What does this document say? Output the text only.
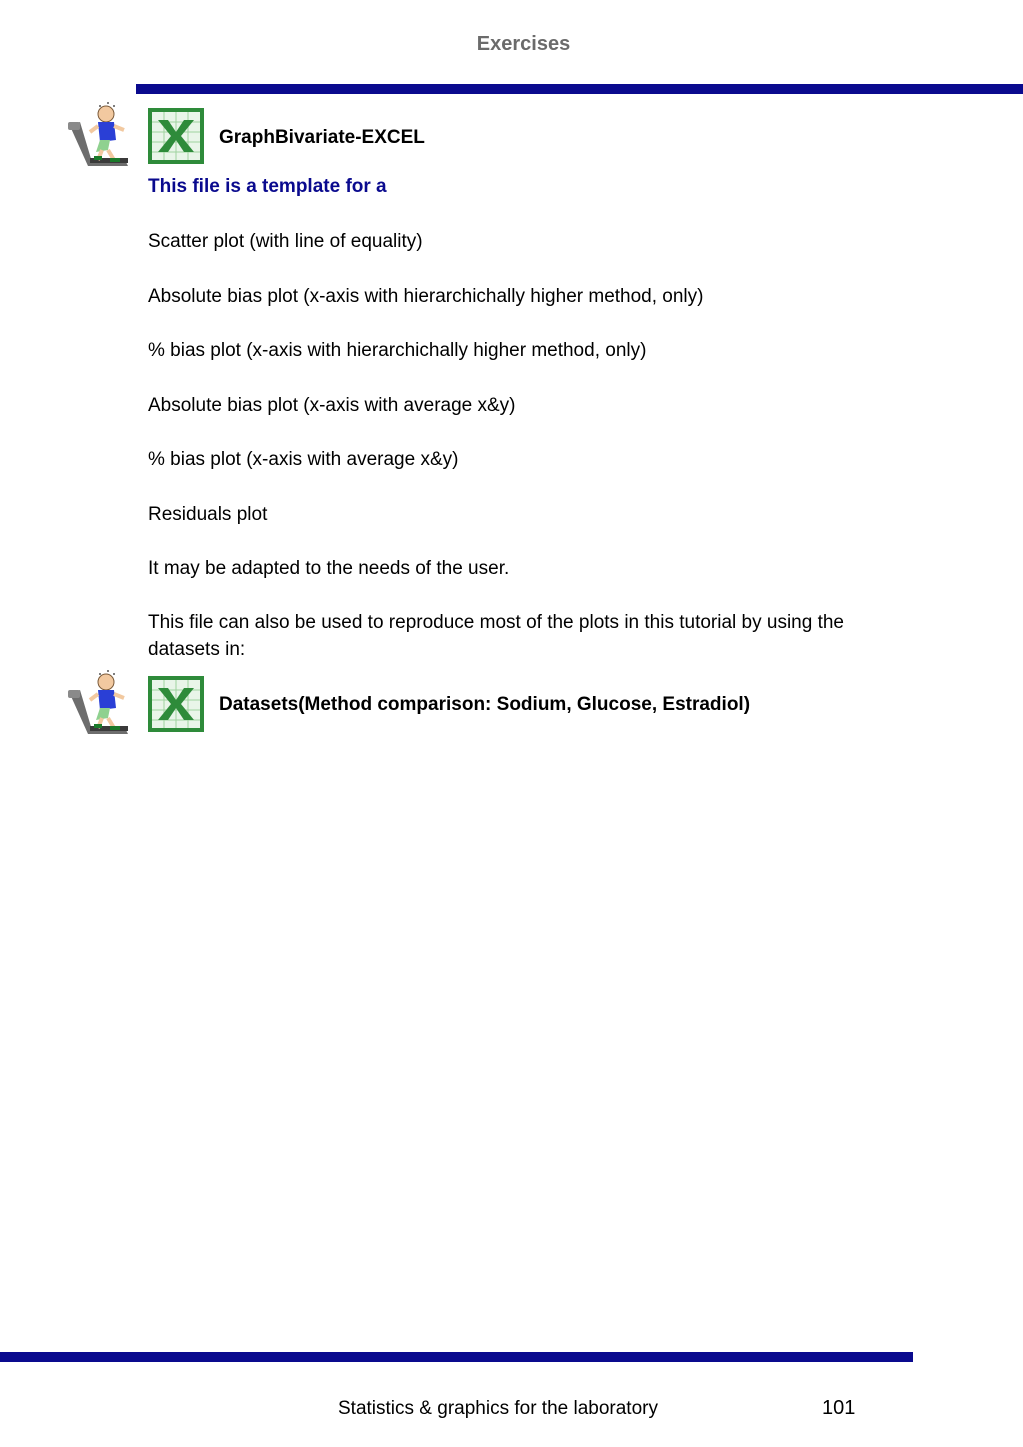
Exercises
GraphBivariate-EXCEL
This file is a template for a
Scatter plot (with line of equality)
Absolute bias plot (x-axis with hierarchichally higher method, only)
% bias plot (x-axis with hierarchichally higher method, only)
Absolute bias plot (x-axis with average x&y)
% bias plot (x-axis with average x&y)
Residuals plot
It may be adapted to the needs of the user.
This file can also be used to reproduce most of the plots in this tutorial by using the datasets in:
Datasets(Method comparison: Sodium, Glucose, Estradiol)
Statistics & graphics for the laboratory	101
